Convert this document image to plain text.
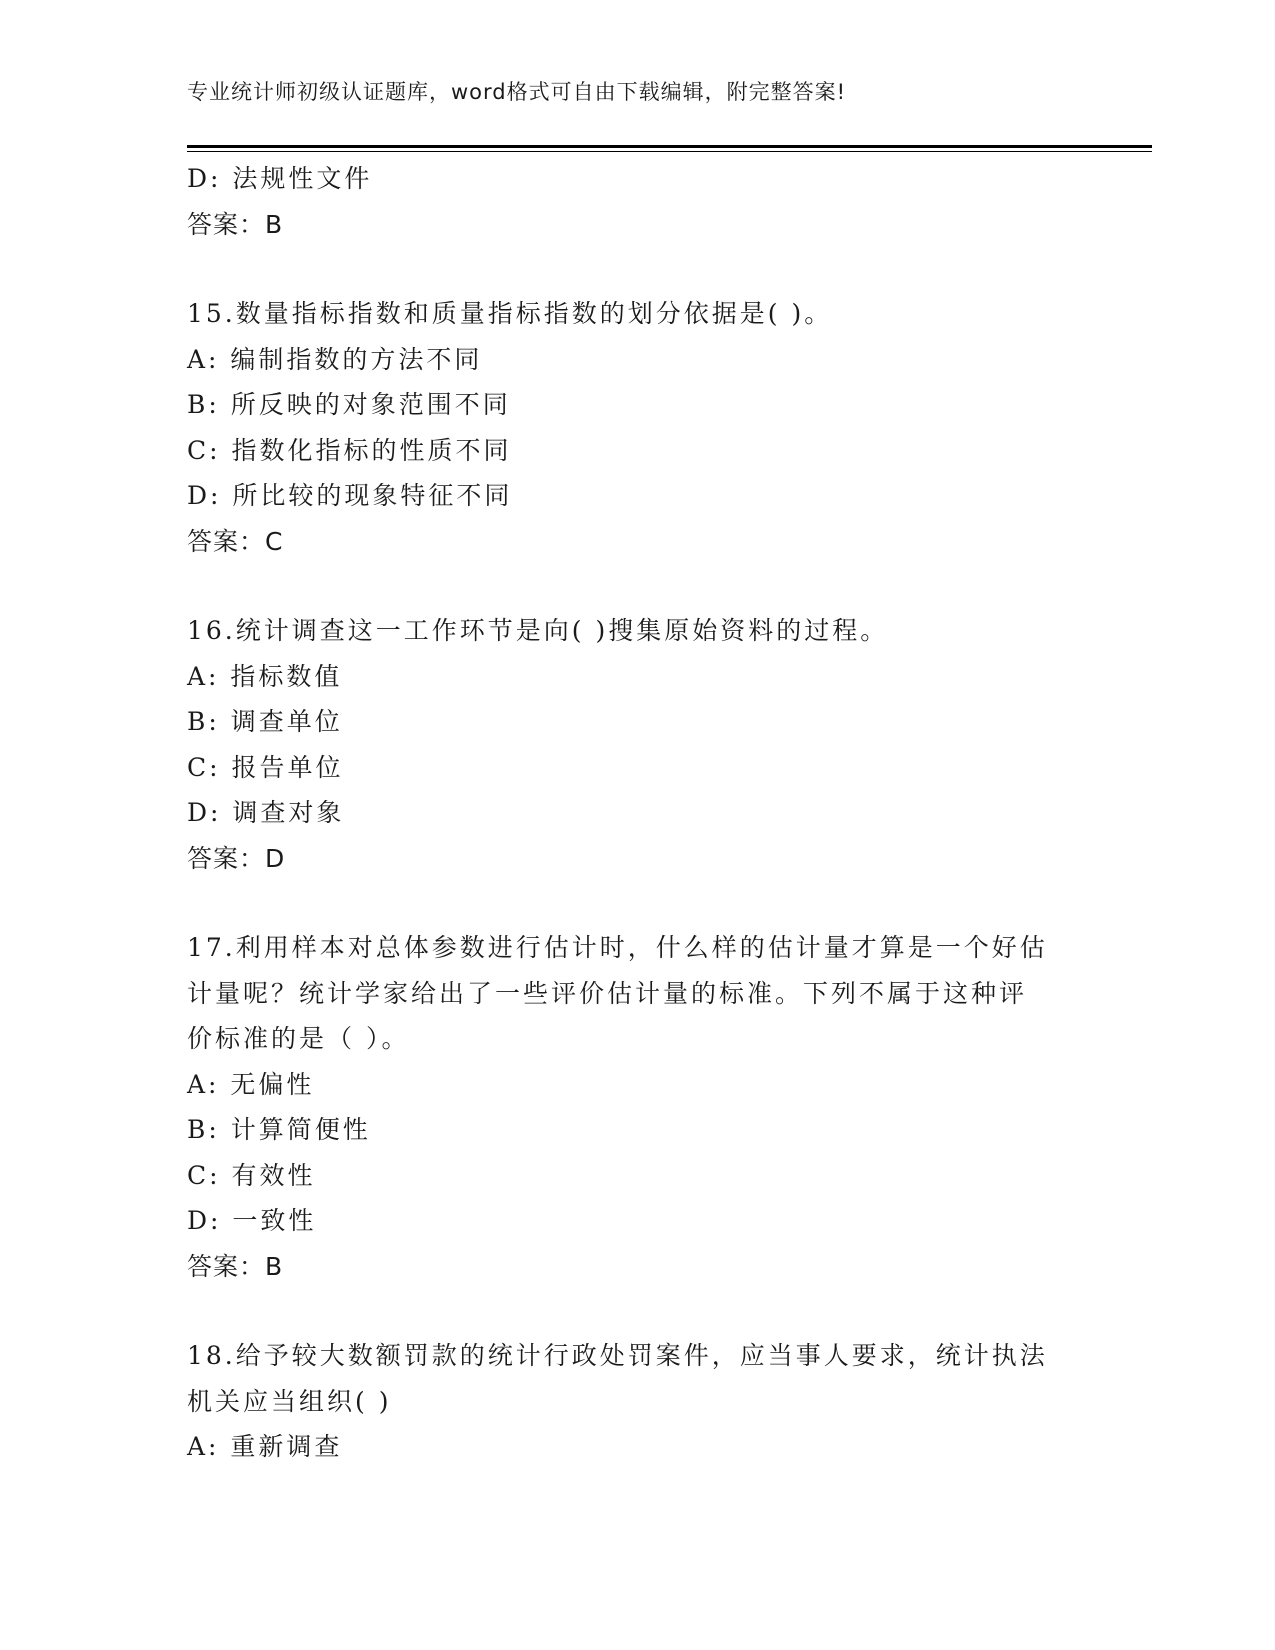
专业统计师初级认证题库，word格式可自由下载编辑，附完整答案!
D: 法规性文件
答案：B
15.数量指标指数和质量指标指数的划分依据是( )。
A: 编制指数的方法不同
B: 所反映的对象范围不同
C: 指数化指标的性质不同
D: 所比较的现象特征不同
答案：C
16.统计调查这一工作环节是向( )搜集原始资料的过程。
A: 指标数值
B: 调查单位
C: 报告单位
D: 调查对象
答案：D
17.利用样本对总体参数进行估计时，什么样的估计量才算是一个好估
计量呢？统计学家给出了一些评价估计量的标准。下列不属于这种评
价标准的是（ ）。
A: 无偏性
B: 计算简便性
C: 有效性
D: 一致性
答案：B
18.给予较大数额罚款的统计行政处罚案件，应当事人要求，统计执法
机关应当组织( )
A: 重新调查
